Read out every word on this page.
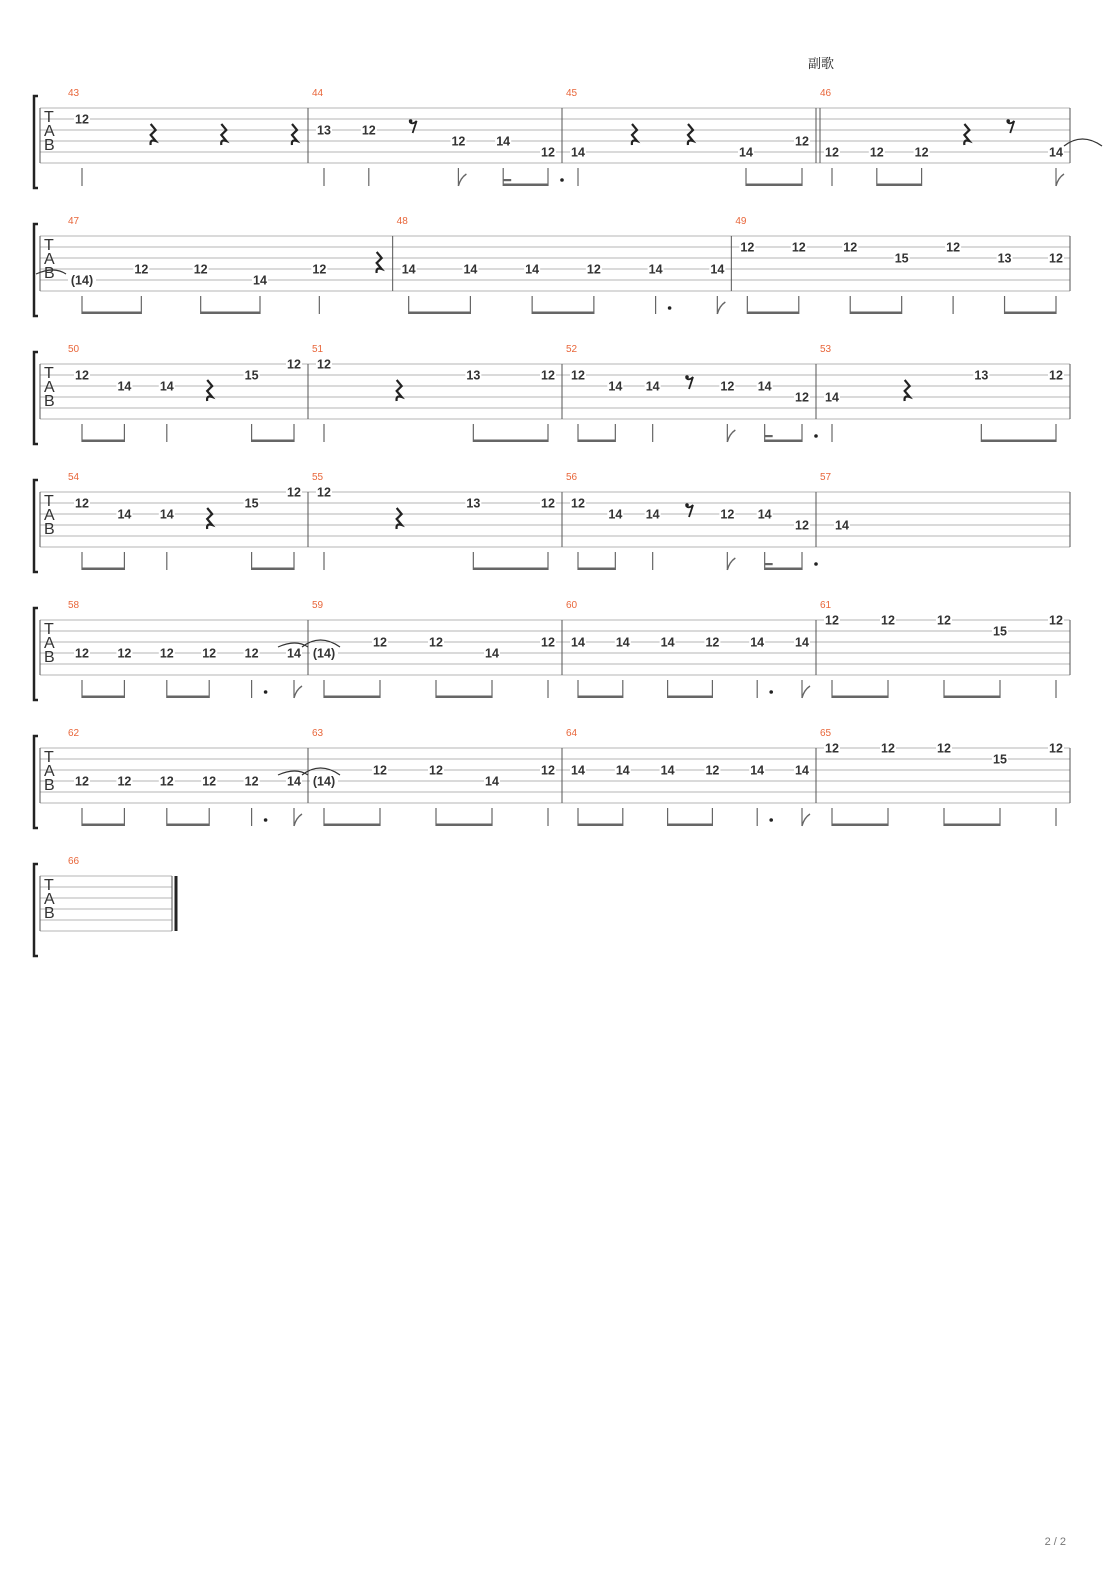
副歌
T
A
B
43
12
44
13 12
12 14
12
45
14	14
12
46
12 12 12	14
T
A
B
47
(14)
12	12
14
12
48
14	14	14	12	14	14
49
12	12	12
15
12
13	12
T
A
B
50
12
14 14
15
12
51
12
13	12
52
12
14 14	12 14
12
53
14
13	12
T
A
B
54
12
14 14
15
12
55
12
13	12
56
12
14 14	12 14
12
57
14
T
A
B
58
12 12 12 12 12 14
59
(14)
12	12
14
12
60
14 14 14 12 14 14
61
12	12	12
15
12
T
A
B
62
12 12 12 12 12 14
63
(14)
12	12
14
12
64
14 14 14 12 14 14
65
12	12	12
15
12
T
A
B
66
2 / 2
